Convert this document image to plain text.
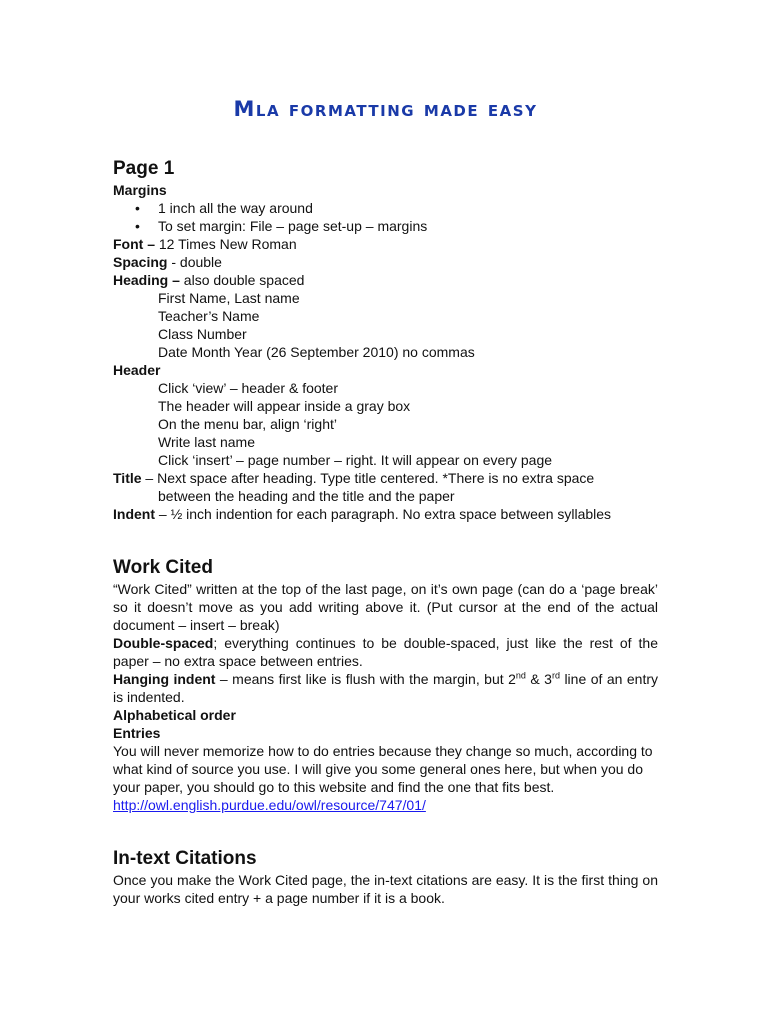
Mla formatting made easy
Page 1

Margins

• 1 inch all the way around
• To set margin: File – page set-up – margins

Font – 12 Times New Roman

Spacing - double

Heading – also double spaced

First Name, Last name

Teacher’s Name

Class Number

Date Month Year (26 September 2010) no commas

Header

Click ‘view’ – header & footer

The header will appear inside a gray box

On the menu bar, align ‘right’

Write last name

Click ‘insert’ – page number – right. It will appear on every page

Title – Next space after heading. Type title centered. *There is no extra space

between the heading and the title and the paper

Indent – ½ inch indention for each paragraph. No extra space between syllables

Work Cited

“Work Cited” written at the top of the last page, on it’s own page (can do a ‘page break’ so it doesn’t move as you add writing above it. (Put cursor at the end of the actual document – insert – break)

Double-spaced; everything continues to be double-spaced, just like the rest of the paper – no extra space between entries.

Hanging indent – means first like is flush with the margin, but 2nd & 3rd line of an entry is indented.

Alphabetical order

Entries

You will never memorize how to do entries because they change so much, according to what kind of source you use. I will give you some general ones here, but when you do your paper, you should go to this website and find the one that fits best.

http://owl.english.purdue.edu/owl/resource/747/01/

In-text Citations

Once you make the Work Cited page, the in-text citations are easy. It is the first thing on your works cited entry + a page number if it is a book.
